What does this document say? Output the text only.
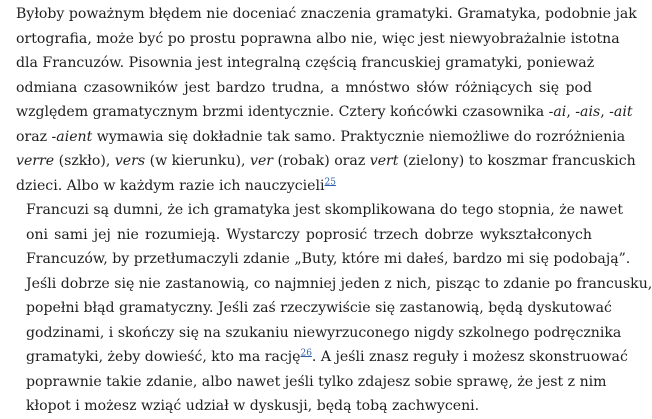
Byłoby poważnym błędem nie doceniać znaczenia gramatyki. Gramatyka, podobnie jak
ortografia, może być po prostu poprawna albo nie, więc jest niewyobrażalnie istotna
dla Francuzów. Pisownia jest integralną częścią francuskiej gramatyki, ponieważ
odmiana czasowników jest bardzo trudna, a mnóstwo słów różniących się pod
względem gramatycznym brzmi identycznie. Cztery końcówki czasownika -ai, -ais, -ait
oraz -aient wymawia się dokładnie tak samo. Praktycznie niemożliwe do rozróżnienia
verre (szkło), vers (w kierunku), ver (robak) oraz vert (zielony) to koszmar francuskich
dzieci. Albo w każdym razie ich nauczycieli$^{25}$

Francuzi są dumni, że ich gramatyka jest skomplikowana do tego stopnia, że nawet
oni sami jej nie rozumieją. Wystarczy poprosić trzech dobrze wykształconych
Francuzów, by przetłumaczyli zdanie „Buty, które mi dałeś, bardzo mi się podobają”.
Jeśli dobrze się nie zastanowią, co najmniej jeden z nich, pisząc to zdanie po francusku,
popełni błąd gramatyczny. Jeśli zaś rzeczywiście się zastanowią, będą dyskutować
godzinami, i skończy się na szukaniu niewyrzuconego nigdy szkolnego podręcznika
gramatyki, żeby dowieść, kto ma rację$^{26}$. A jeśli znasz reguły i możesz skonstruować
poprawnie takie zdanie, albo nawet jeśli tylko zdajesz sobie sprawę, że jest z nim
kłopot i możesz wziąć udział w dyskusji, będą tobą zachwyceni.
